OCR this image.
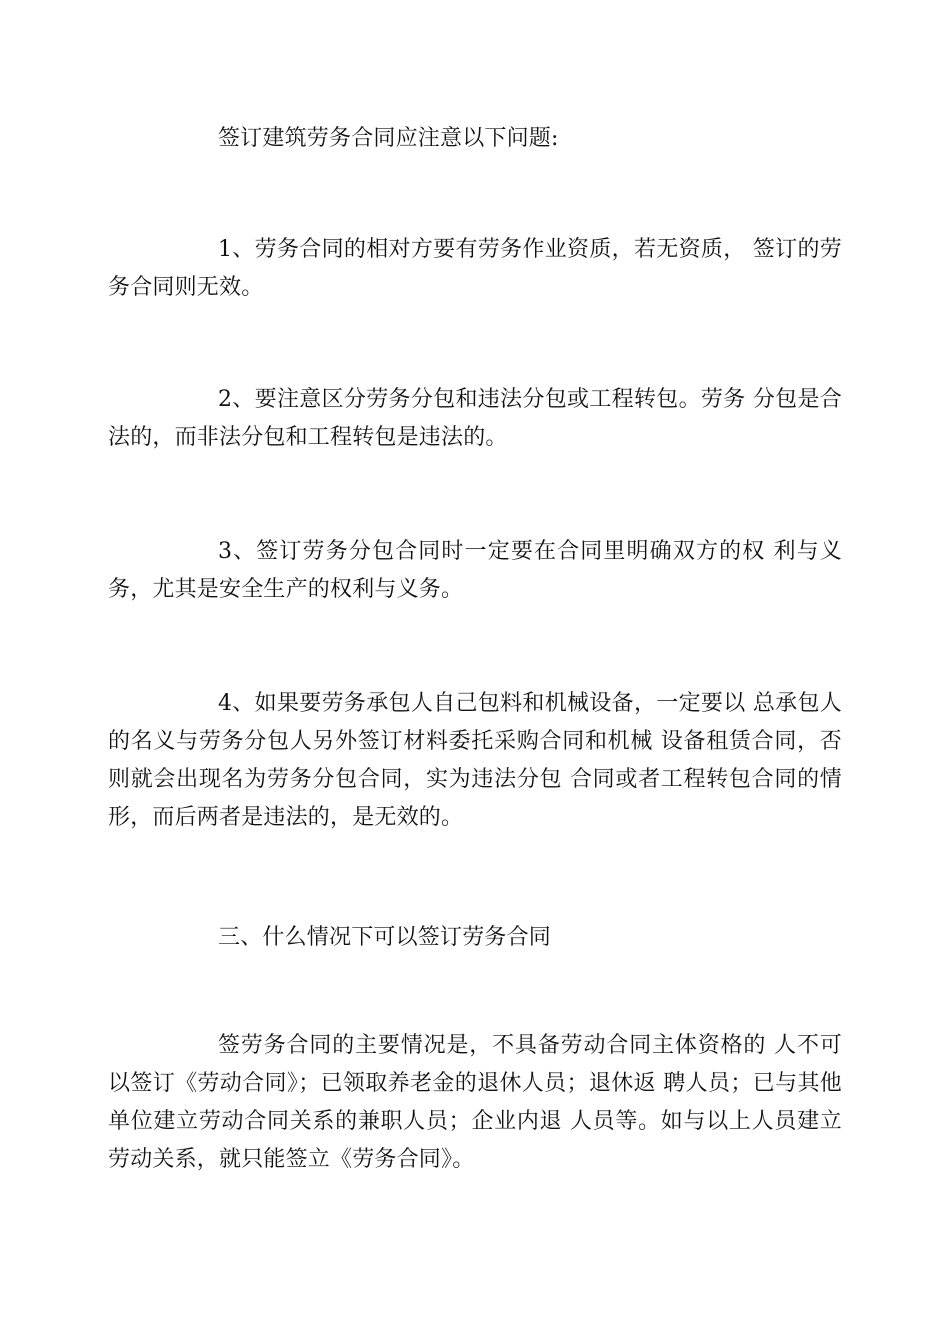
签订建筑劳务合同应注意以下问题:

1、劳务合同的相对方要有劳务作业资质，若无资质， 签订的劳务合同则无效。

2、要注意区分劳务分包和违法分包或工程转包。劳务 分包是合法的，而非法分包和工程转包是违法的。

3、签订劳务分包合同时一定要在合同里明确双方的权 利与义务，尤其是安全生产的权利与义务。

4、如果要劳务承包人自己包料和机械设备，一定要以 总承包人的名义与劳务分包人另外签订材料委托采购合同和机械 设备租赁合同，否则就会出现名为劳务分包合同，实为违法分包 合同或者工程转包合同的情形，而后两者是违法的，是无效的。

三、什么情况下可以签订劳务合同

签劳务合同的主要情况是，不具备劳动合同主体资格的 人不可以签订《劳动合同》；已领取养老金的退休人员；退休返 聘人员；已与其他单位建立劳动合同关系的兼职人员；企业内退 人员等。如与以上人员建立劳动关系，就只能签立《劳务合同》。
